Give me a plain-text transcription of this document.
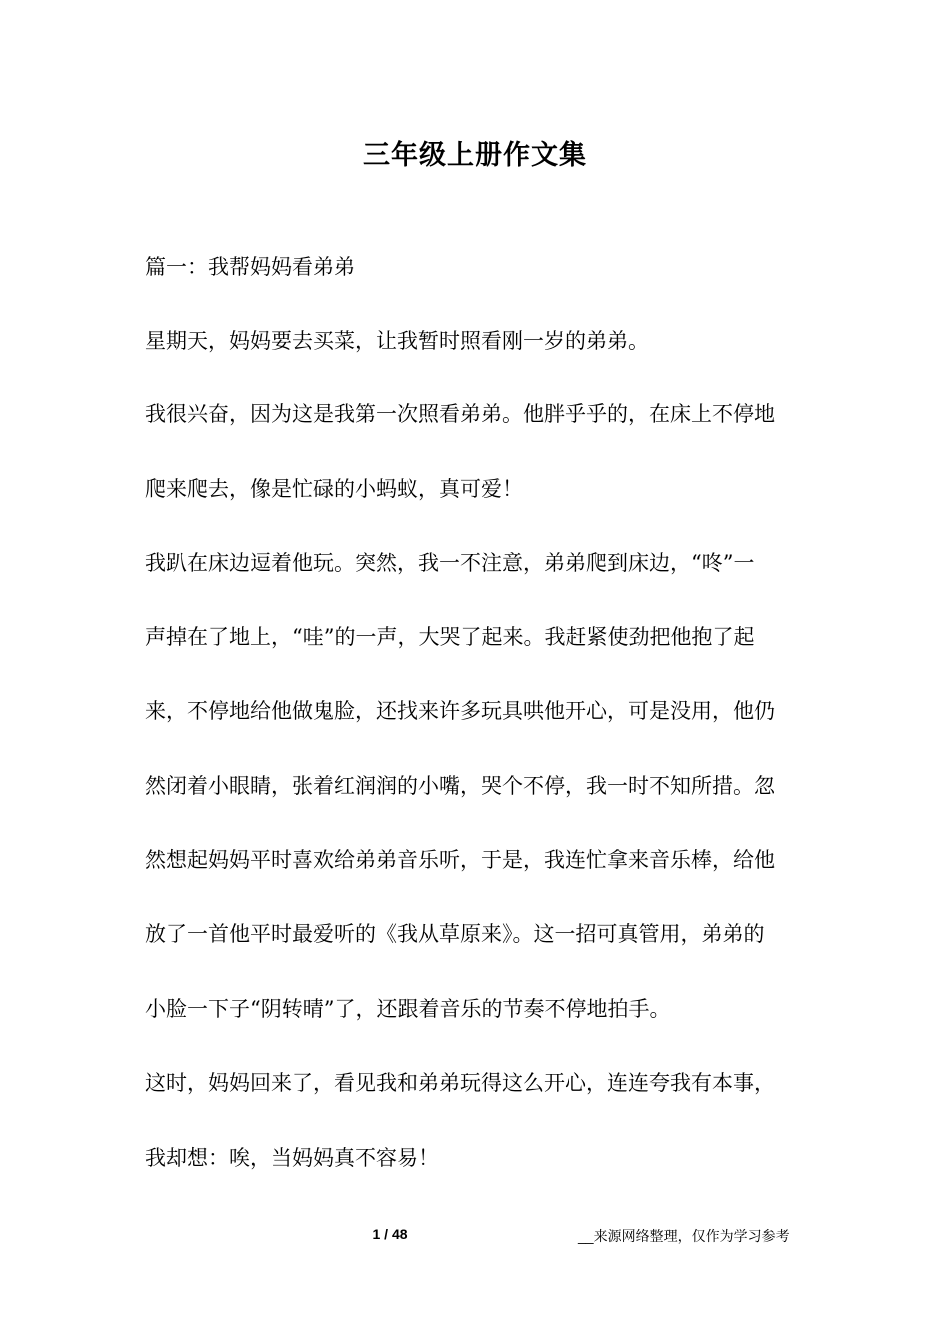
三年级上册作文集
篇一：我帮妈妈看弟弟
星期天，妈妈要去买菜，让我暂时照看刚一岁的弟弟。
我很兴奋，因为这是我第一次照看弟弟。他胖乎乎的，在床上不停地
爬来爬去，像是忙碌的小蚂蚁，真可爱！
我趴在床边逗着他玩。突然，我一不注意，弟弟爬到床边，“咚”一
声掉在了地上，“哇”的一声，大哭了起来。我赶紧使劲把他抱了起
来，不停地给他做鬼脸，还找来许多玩具哄他开心，可是没用，他仍
然闭着小眼睛，张着红润润的小嘴，哭个不停，我一时不知所措。忽
然想起妈妈平时喜欢给弟弟音乐听，于是，我连忙拿来音乐棒，给他
放了一首他平时最爱听的《我从草原来》。这一招可真管用，弟弟的
小脸一下子“阴转晴”了，还跟着音乐的节奏不停地拍手。
这时，妈妈回来了，看见我和弟弟玩得这么开心，连连夸我有本事，
我却想：唉，当妈妈真不容易！
1 / 48	__来源网络整理，仅作为学习参考
